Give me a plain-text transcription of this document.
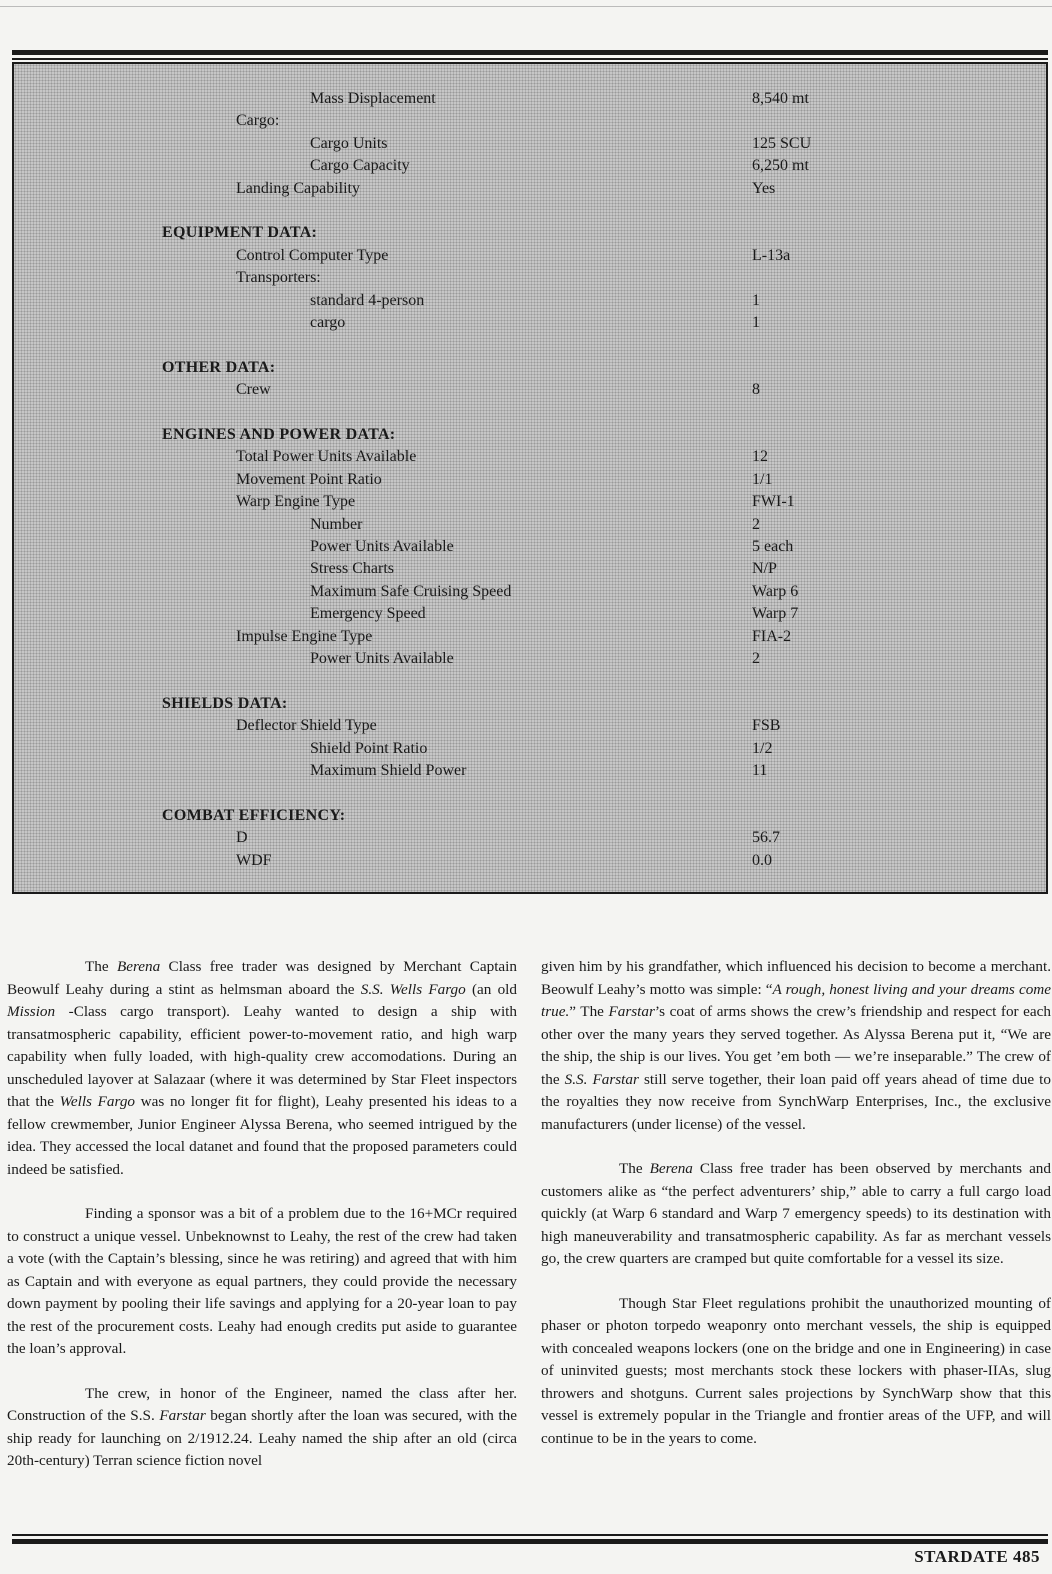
Mass Displacement	8,540 mt
Cargo:
Cargo Units	125 SCU
Cargo Capacity	6,250 mt
Landing Capability	Yes
EQUIPMENT DATA:
Control Computer Type	L-13a
Transporters:
standard 4-person	1
cargo	1
OTHER DATA:
Crew	8
ENGINES AND POWER DATA:
Total Power Units Available	12
Movement Point Ratio	1/1
Warp Engine Type	FWI-1
Number	2
Power Units Available	5 each
Stress Charts	N/P
Maximum Safe Cruising Speed	Warp 6
Emergency Speed	Warp 7
Impulse Engine Type	FIA-2
Power Units Available	2
SHIELDS DATA:
Deflector Shield Type	FSB
Shield Point Ratio	1/2
Maximum Shield Power	11
COMBAT EFFICIENCY:
D	56.7
WDF	0.0

The Berena Class free trader was designed by Merchant Captain Beowulf Leahy during a stint as helmsman aboard the S.S. Wells Fargo (an old Mission -Class cargo transport). Leahy wanted to design a ship with transatmospheric capability, efficient power-to-movement ratio, and high warp capability when fully loaded, with high-quality crew accomodations. During an unscheduled layover at Salazaar (where it was determined by Star Fleet inspectors that the Wells Fargo was no longer fit for flight), Leahy presented his ideas to a fellow crewmember, Junior Engineer Alyssa Berena, who seemed intrigued by the idea. They accessed the local datanet and found that the proposed parameters could indeed be satisfied.

Finding a sponsor was a bit of a problem due to the 16+MCr required to construct a unique vessel. Unbeknownst to Leahy, the rest of the crew had taken a vote (with the Captain’s blessing, since he was retiring) and agreed that with him as Captain and with everyone as equal partners, they could provide the necessary down payment by pooling their life savings and applying for a 20-year loan to pay the rest of the procurement costs. Leahy had enough credits put aside to guarantee the loan’s approval.

The crew, in honor of the Engineer, named the class after her. Construction of the S.S. Farstar began shortly after the loan was secured, with the ship ready for launching on 2/1912.24. Leahy named the ship after an old (circa 20th-century) Terran science fiction novel

given him by his grandfather, which influenced his decision to become a merchant. Beowulf Leahy’s motto was simple: “A rough, honest living and your dreams come true.” The Farstar’s coat of arms shows the crew’s friendship and respect for each other over the many years they served together. As Alyssa Berena put it, “We are the ship, the ship is our lives. You get ’em both — we’re inseparable.” The crew of the S.S. Farstar still serve together, their loan paid off years ahead of time due to the royalties they now receive from SynchWarp Enterprises, Inc., the exclusive manufacturers (under license) of the vessel.

The Berena Class free trader has been observed by merchants and customers alike as “the perfect adventurers’ ship,” able to carry a full cargo load quickly (at Warp 6 standard and Warp 7 emergency speeds) to its destination with high maneuverability and transatmospheric capability. As far as merchant vessels go, the crew quarters are cramped but quite comfortable for a vessel its size.

Though Star Fleet regulations prohibit the unauthorized mounting of phaser or photon torpedo weaponry onto merchant vessels, the ship is equipped with concealed weapons lockers (one on the bridge and one in Engineering) in case of uninvited guests; most merchants stock these lockers with phaser-IIAs, slug throwers and shotguns. Current sales projections by SynchWarp show that this vessel is extremely popular in the Triangle and frontier areas of the UFP, and will continue to be in the years to come.

STARDATE 485
